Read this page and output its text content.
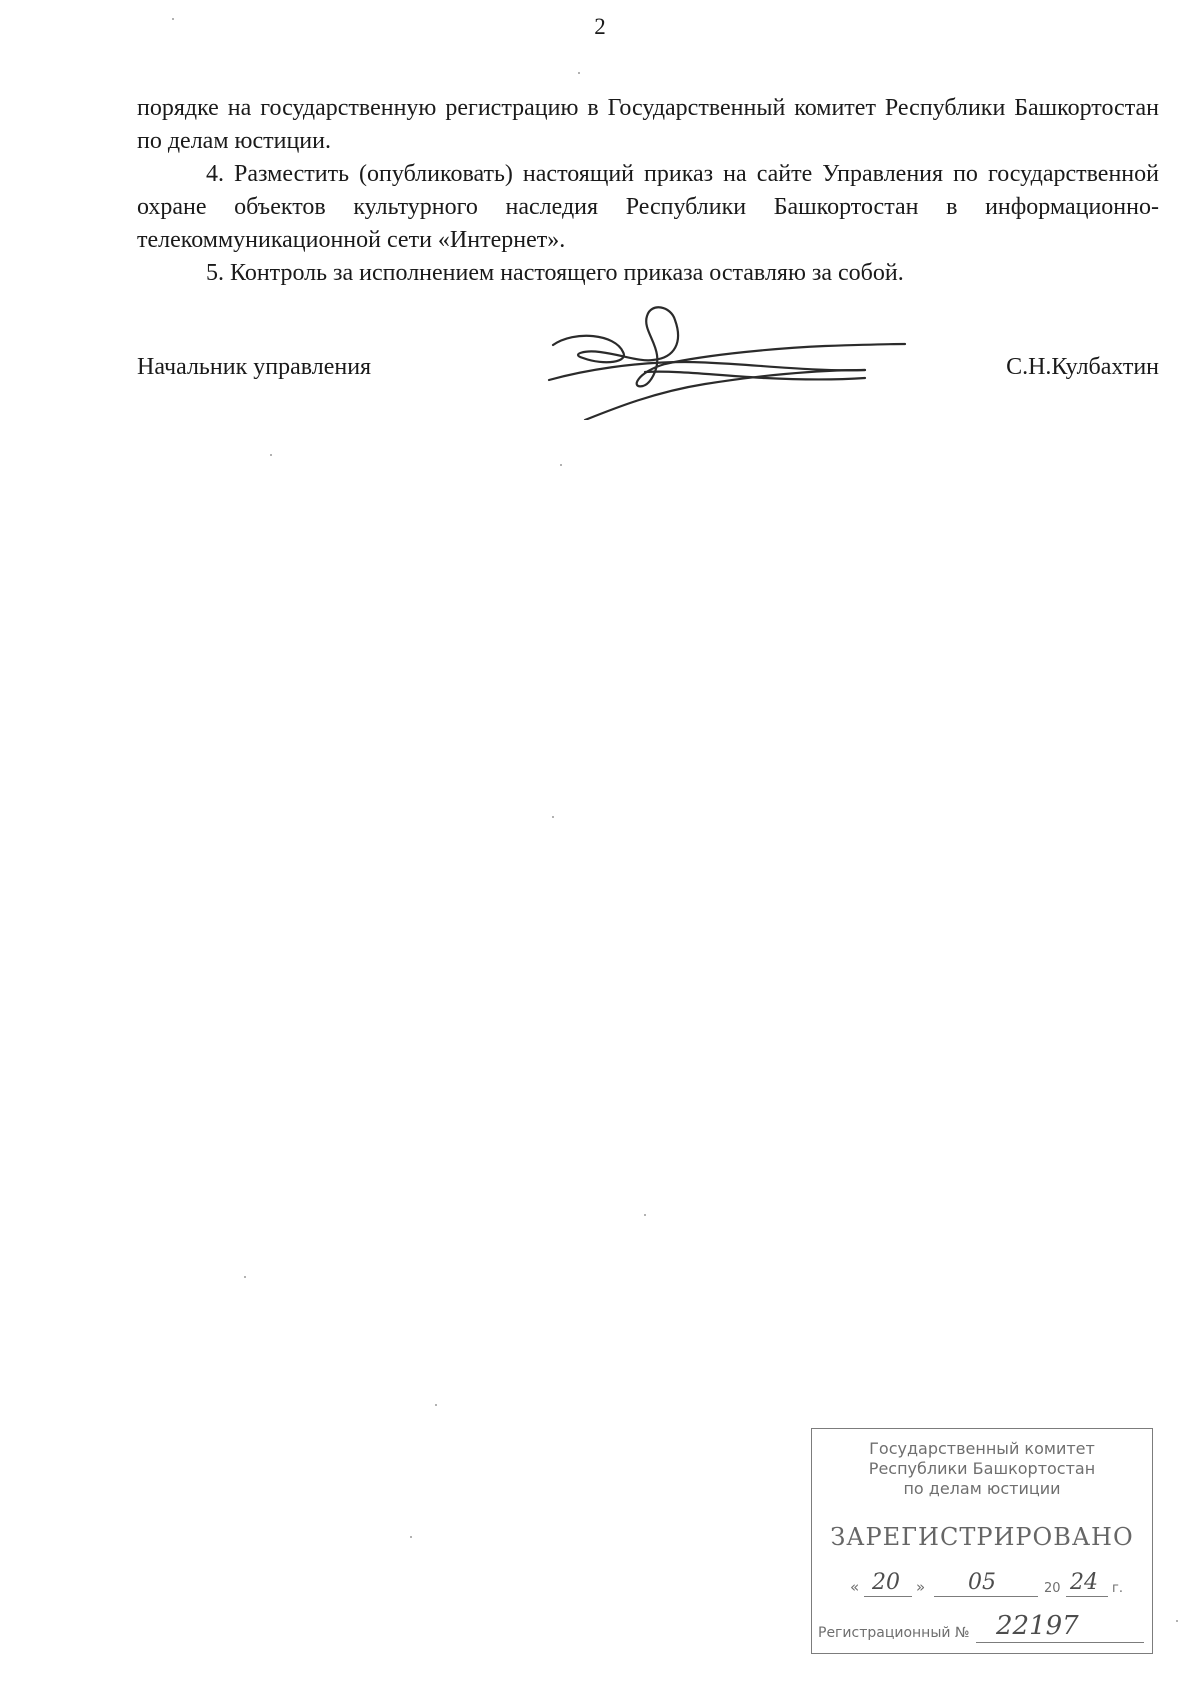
2

порядке на государственную регистрацию в Государственный комитет Республики Башкортостан по делам юстиции.

4. Разместить (опубликовать) настоящий приказ на сайте Управления по государственной охране объектов культурного наследия Республики Башкортостан в информационно-телекоммуникационной сети «Интернет».

5. Контроль за исполнением настоящего приказа оставляю за собой.

Начальник управления	С.Н.Кулбахтин
Государственный комитет
Республики Башкортостан
по делам юстиции
ЗАРЕГИСТРИРОВАНО
« 20 » 05	20 24 г.
Регистрационный № 22197
